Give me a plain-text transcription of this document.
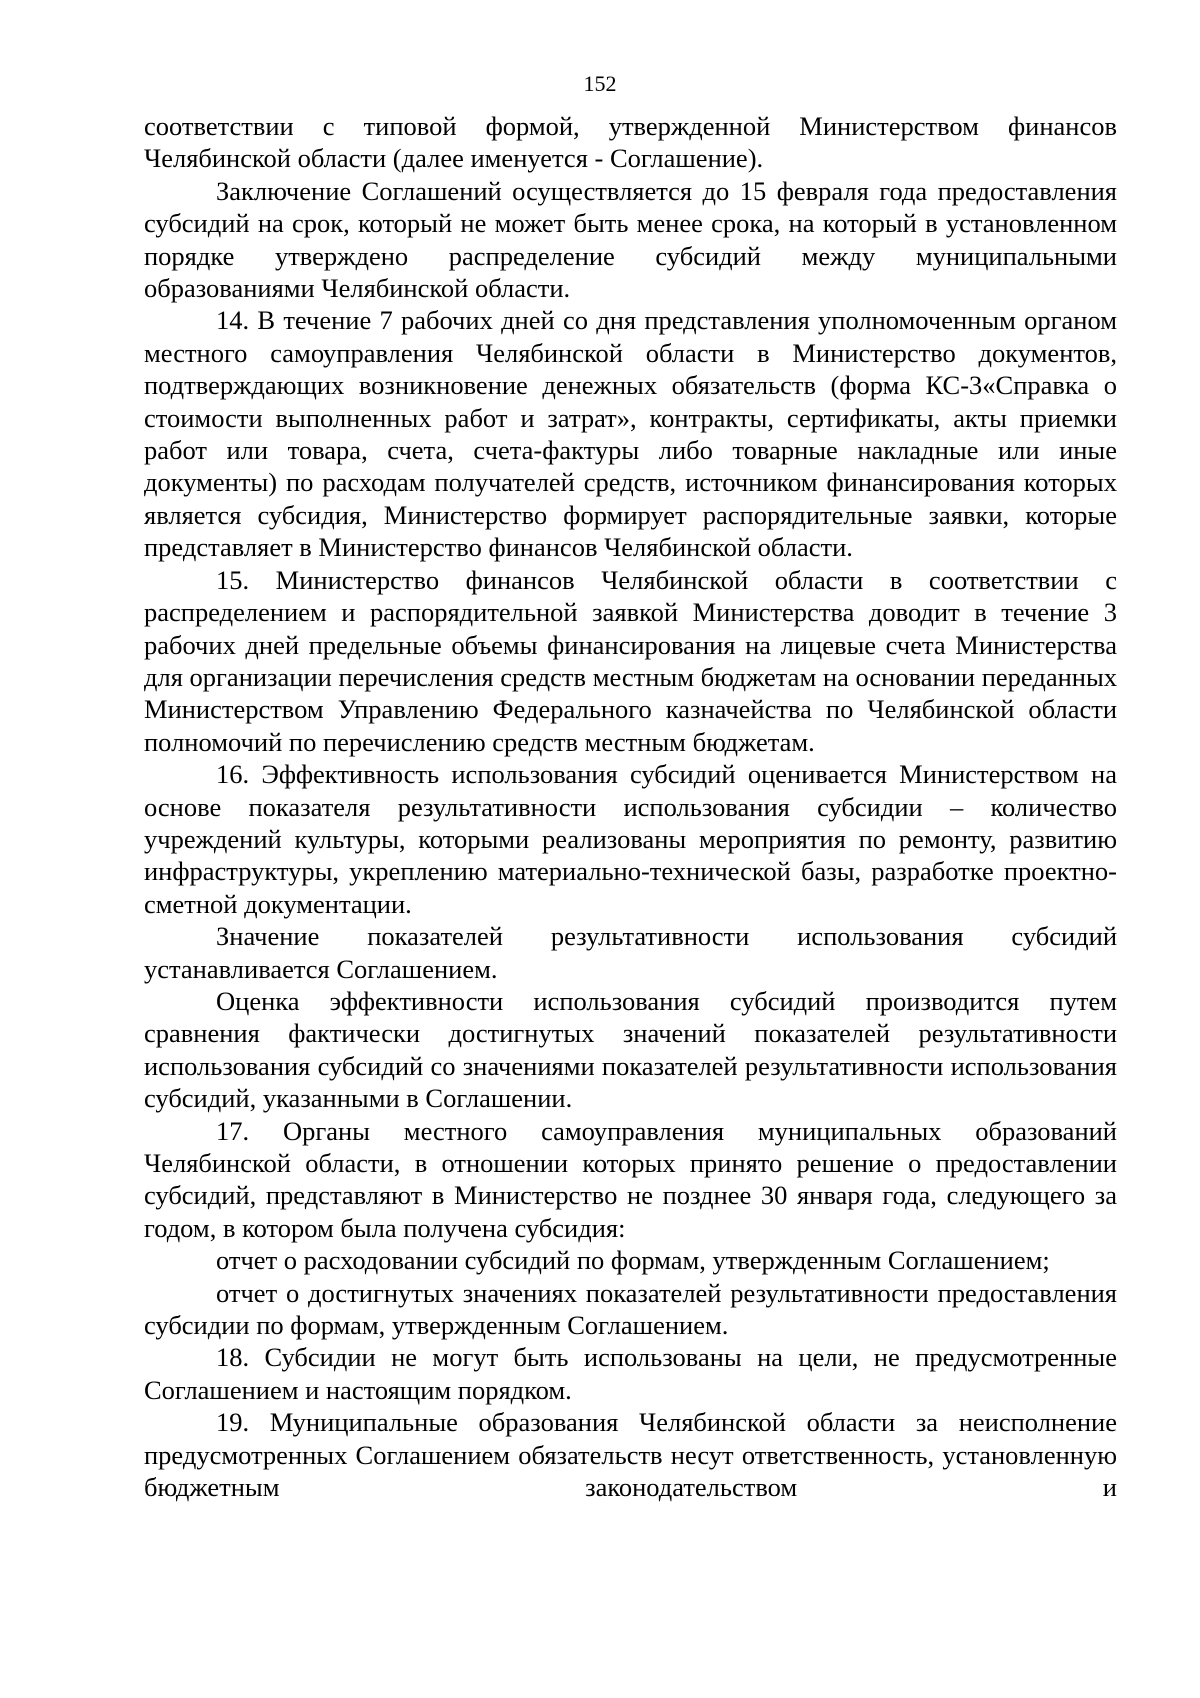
152

соответствии с типовой формой, утвержденной Министерством финансов Челябинской области (далее именуется - Соглашение).

Заключение Соглашений осуществляется до 15 февраля года предоставления субсидий на срок, который не может быть менее срока, на который в установленном порядке утверждено распределение субсидий между муниципальными образованиями Челябинской области.

14. В течение 7 рабочих дней со дня представления уполномоченным органом местного самоуправления Челябинской области в Министерство документов, подтверждающих возникновение денежных обязательств (форма КС-3«Справка о стоимости выполненных работ и затрат», контракты, сертификаты, акты приемки работ или товара, счета, счета-фактуры либо товарные накладные или иные документы) по расходам получателей средств, источником финансирования которых является субсидия, Министерство формирует распорядительные заявки, которые представляет в Министерство финансов Челябинской области.

15. Министерство финансов Челябинской области в соответствии с распределением и распорядительной заявкой Министерства доводит в течение 3 рабочих дней предельные объемы финансирования на лицевые счета Министерства для организации перечисления средств местным бюджетам на основании переданных Министерством Управлению Федерального казначейства по Челябинской области полномочий по перечислению средств местным бюджетам.

16. Эффективность использования субсидий оценивается Министерством на основе показателя результативности использования субсидии – количество учреждений культуры, которыми реализованы мероприятия по ремонту, развитию инфраструктуры, укреплению материально-технической базы, разработке проектно-сметной документации.

Значение показателей результативности использования субсидий устанавливается Соглашением.

Оценка эффективности использования субсидий производится путем сравнения фактически достигнутых значений показателей результативности использования субсидий со значениями показателей результативности использования субсидий, указанными в Соглашении.

17. Органы местного самоуправления муниципальных образований Челябинской области, в отношении которых принято решение о предоставлении субсидий, представляют в Министерство не позднее 30 января года, следующего за годом, в котором была получена субсидия:

отчет о расходовании субсидий по формам, утвержденным Соглашением;

отчет о достигнутых значениях показателей результативности предоставления субсидии по формам, утвержденным Соглашением.

18. Субсидии не могут быть использованы на цели, не предусмотренные Соглашением и настоящим порядком.

19. Муниципальные образования Челябинской области за неисполнение предусмотренных Соглашением обязательств несут ответственность, установленную бюджетным законодательством и
